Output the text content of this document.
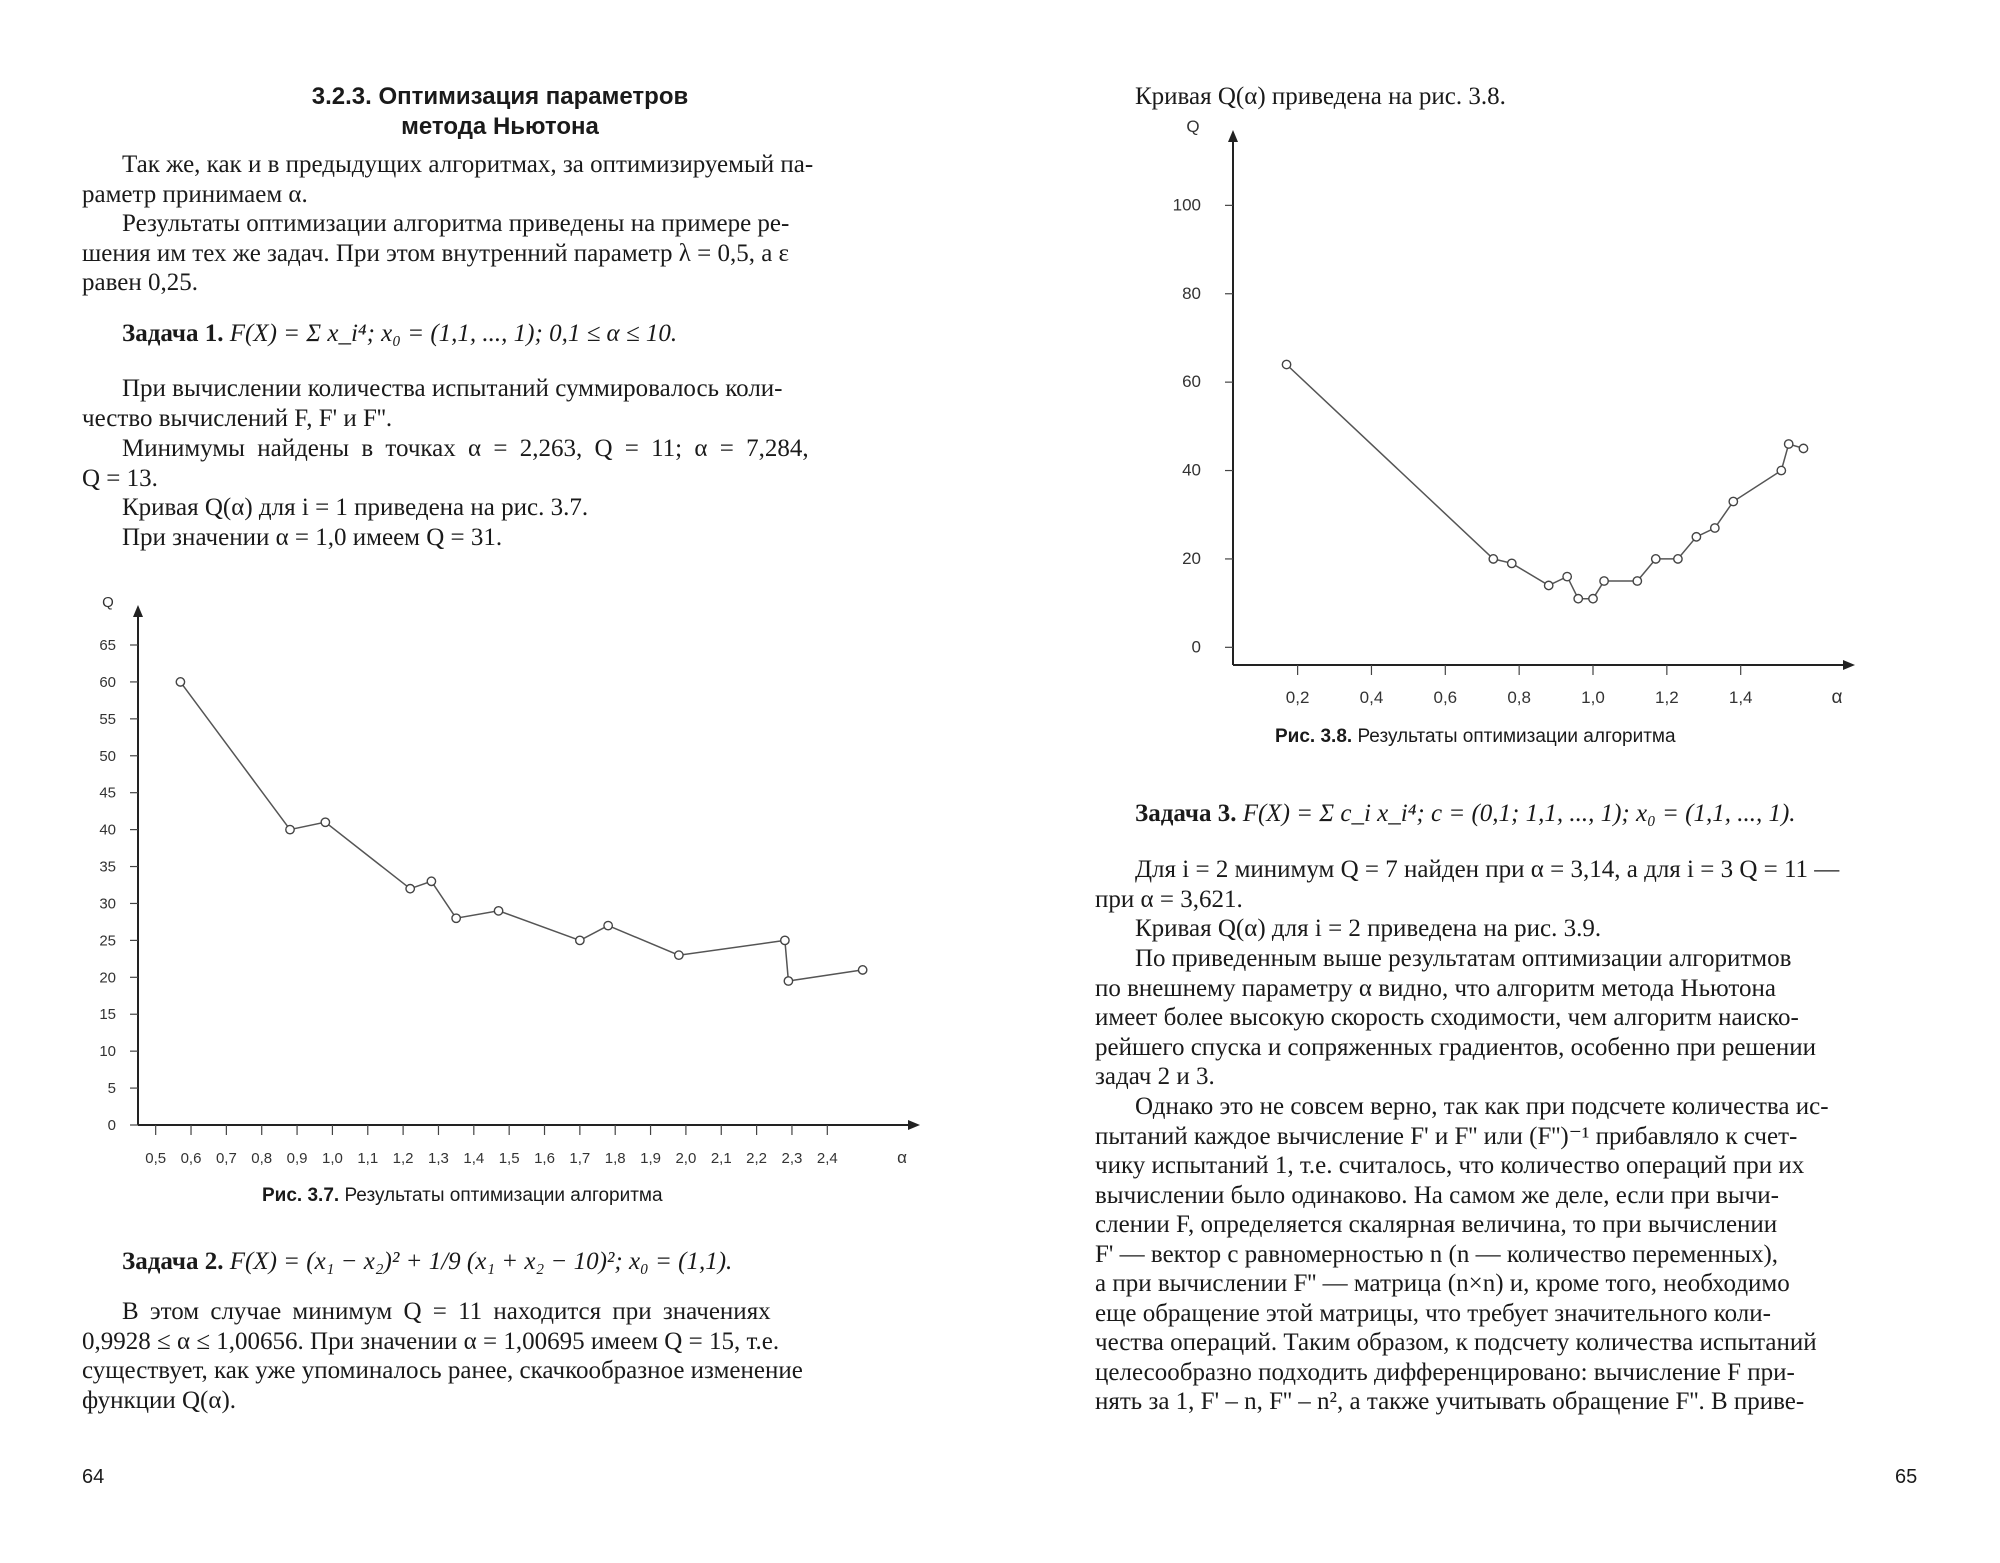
3.2.3. Оптимизация параметров
метода Ньютона
Так же, как и в предыдущих алгоритмах, за оптимизируемый па-
раметр принимаем α.
Результаты оптимизации алгоритма приведены на примере ре-
шения им тех же задач. При этом внутренний параметр λ = 0,5, а ε
равен 0,25.
Задача 1. F(X) = Σ x_i⁴; x₀ = (1,1, ..., 1); 0,1 ≤ α ≤ 10.
При вычислении количества испытаний суммировалось коли-
чество вычислений F, F' и F''.
Минимумы найдены в точках α = 2,263, Q = 11; α = 7,284,
Q = 13.
Кривая Q(α) для i = 1 приведена на рис. 3.7.
При значении α = 1,0 имеем Q = 31.
0
5
10
15
20
25
30
35
40
45
50
55
60
65
0,5 0,6 0,7 0,8 0,9 1,0 1,1 1,2 1,3 1,4 1,5 1,6 1,7 1,8 1,9 2,0 2,1 2,2 2,3 2,4
Q
α
Рис. 3.7. Результаты оптимизации алгоритма
Задача 2. F(X) = (x₁ − x₂)² + 1/9 (x₁ + x₂ − 10)²; x₀ = (1,1).
В этом случае минимум Q = 11 находится при значениях
0,9928 ≤ α ≤ 1,00656. При значении α = 1,00695 имеем Q = 15, т.е.
существует, как уже упоминалось ранее, скачкообразное изменение
функции Q(α).
64
Кривая Q(α) приведена на рис. 3.8.
0
20
40
60
80
100
0,2	0,4	0,6	0,8	1,0	1,2	1,4
Q
α
Рис. 3.8. Результаты оптимизации алгоритма
Задача 3. F(X) = Σ c_i x_i⁴; c = (0,1; 1,1, ..., 1); x₀ = (1,1, ..., 1).
Для i = 2 минимум Q = 7 найден при α = 3,14, а для i = 3 Q = 11 —
при α = 3,621.
Кривая Q(α) для i = 2 приведена на рис. 3.9.
По приведенным выше результатам оптимизации алгоритмов
по внешнему параметру α видно, что алгоритм метода Ньютона
имеет более высокую скорость сходимости, чем алгоритм наиско-
рейшего спуска и сопряженных градиентов, особенно при решении
задач 2 и 3.
Однако это не совсем верно, так как при подсчете количества ис-
пытаний каждое вычисление F' и F'' или (F'')⁻¹ прибавляло к счет-
чику испытаний 1, т.е. считалось, что количество операций при их
вычислении было одинаково. На самом же деле, если при вычи-
слении F, определяется скалярная величина, то при вычислении
F' — вектор с равномерностью n (n — количество переменных),
а при вычислении F'' — матрица (n×n) и, кроме того, необходимо
еще обращение этой матрицы, что требует значительного коли-
чества операций. Таким образом, к подсчету количества испытаний
целесообразно подходить дифференцировано: вычисление F при-
нять за 1, F' – n, F'' – n², а также учитывать обращение F''. В приве-
65
